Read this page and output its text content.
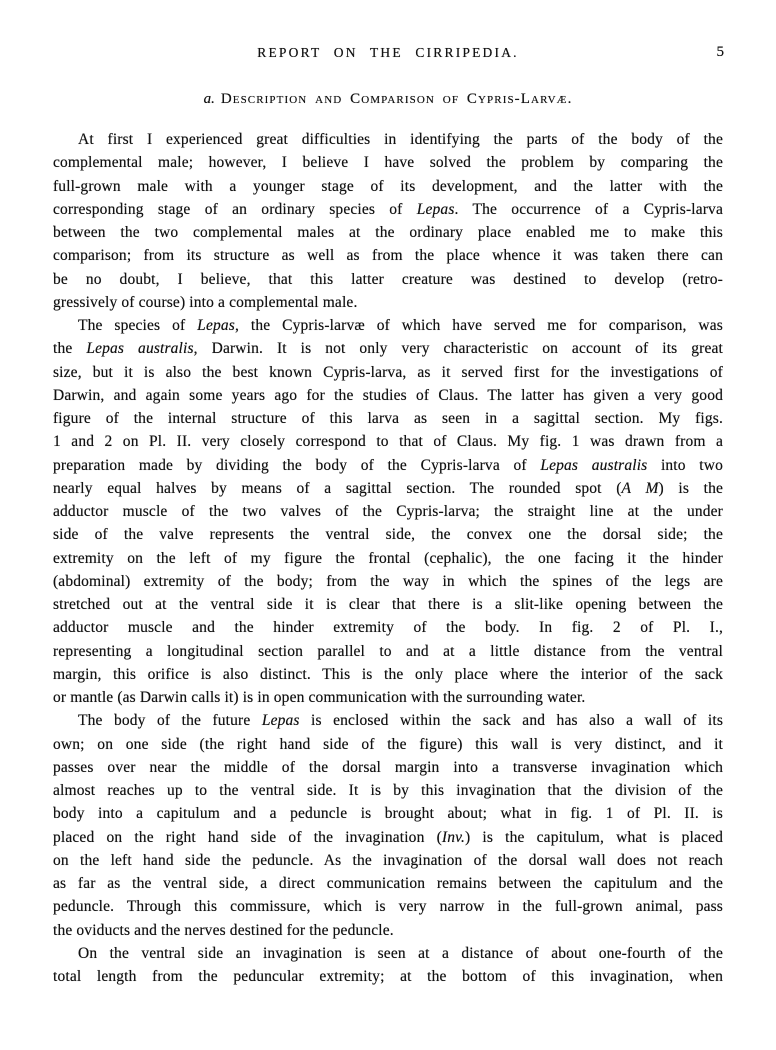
REPORT ON THE CIRRIPEDIA.	5
a. Description and Comparison of Cypris-Larvæ.
At first I experienced great difficulties in identifying the parts of the body of the
complemental male; however, I believe I have solved the problem by comparing the
full-grown male with a younger stage of its development, and the latter with the
corresponding stage of an ordinary species of Lepas. The occurrence of a Cypris-larva
between the two complemental males at the ordinary place enabled me to make this
comparison; from its structure as well as from the place whence it was taken there can
be no doubt, I believe, that this latter creature was destined to develop (retro-
gressively of course) into a complemental male.
The species of Lepas, the Cypris-larvæ of which have served me for comparison, was
the Lepas australis, Darwin. It is not only very characteristic on account of its great
size, but it is also the best known Cypris-larva, as it served first for the investigations of
Darwin, and again some years ago for the studies of Claus. The latter has given a very good
figure of the internal structure of this larva as seen in a sagittal section. My figs.
1 and 2 on Pl. II. very closely correspond to that of Claus. My fig. 1 was drawn from a
preparation made by dividing the body of the Cypris-larva of Lepas australis into two
nearly equal halves by means of a sagittal section. The rounded spot (A M) is the
adductor muscle of the two valves of the Cypris-larva; the straight line at the under
side of the valve represents the ventral side, the convex one the dorsal side; the
extremity on the left of my figure the frontal (cephalic), the one facing it the hinder
(abdominal) extremity of the body; from the way in which the spines of the legs are
stretched out at the ventral side it is clear that there is a slit-like opening between the
adductor muscle and the hinder extremity of the body. In fig. 2 of Pl. I.,
representing a longitudinal section parallel to and at a little distance from the ventral
margin, this orifice is also distinct. This is the only place where the interior of the sack
or mantle (as Darwin calls it) is in open communication with the surrounding water.
The body of the future Lepas is enclosed within the sack and has also a wall of its
own; on one side (the right hand side of the figure) this wall is very distinct, and it
passes over near the middle of the dorsal margin into a transverse invagination which
almost reaches up to the ventral side. It is by this invagination that the division of the
body into a capitulum and a peduncle is brought about; what in fig. 1 of Pl. II. is
placed on the right hand side of the invagination (Inv.) is the capitulum, what is placed
on the left hand side the peduncle. As the invagination of the dorsal wall does not reach
as far as the ventral side, a direct communication remains between the capitulum and the
peduncle. Through this commissure, which is very narrow in the full-grown animal, pass
the oviducts and the nerves destined for the peduncle.
On the ventral side an invagination is seen at a distance of about one-fourth of the
total length from the peduncular extremity; at the bottom of this invagination, when
